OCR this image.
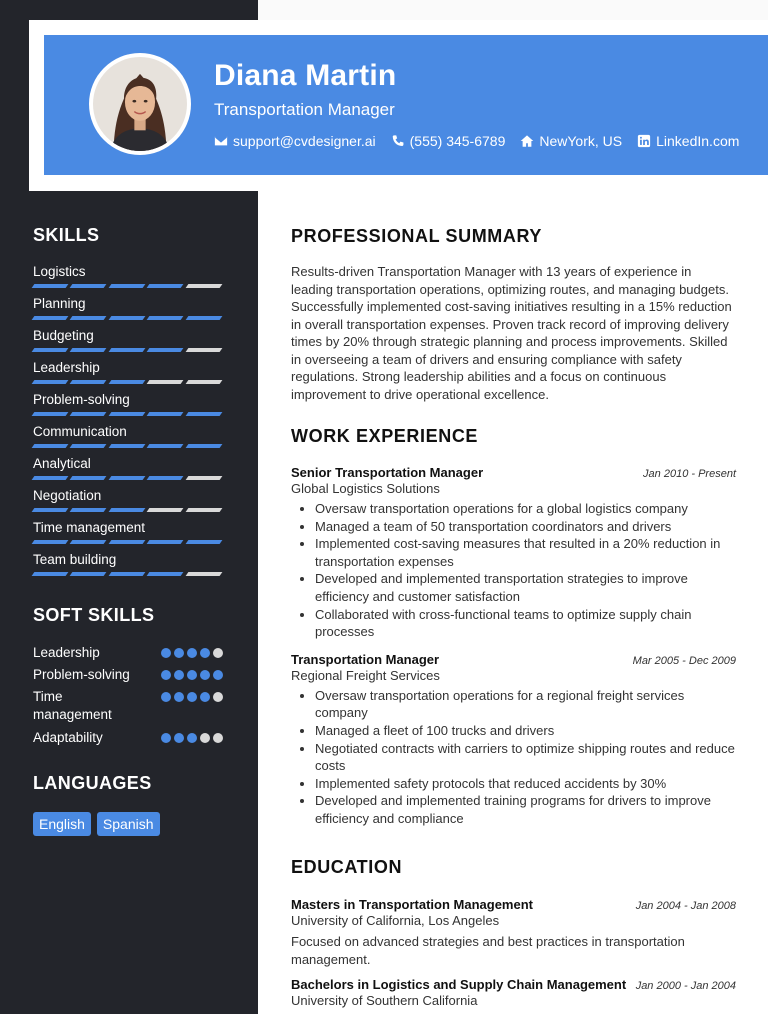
Diana Martin
Transportation Manager
support@cvdesigner.ai (555) 345-6789 NewYork, US LinkedIn.com
SKILLS
Logistics
Planning
Budgeting
Leadership
Problem-solving
Communication
Analytical
Negotiation
Time management
Team building
SOFT SKILLS
Leadership
Problem-solving
Time management
Adaptability
LANGUAGES
English	Spanish
PROFESSIONAL SUMMARY

Results-driven Transportation Manager with 13 years of experience in leading transportation operations, optimizing routes, and managing budgets. Successfully implemented cost-saving initiatives resulting in a 15% reduction in overall transportation expenses. Proven track record of improving delivery times by 20% through strategic planning and process improvements. Skilled in overseeing a team of drivers and ensuring compliance with safety regulations. Strong leadership abilities and a focus on continuous improvement to drive operational excellence.

WORK EXPERIENCE
Senior Transportation Manager	Jan 2010 - Present
Global Logistics Solutions
• Oversaw transportation operations for a global logistics company
• Managed a team of 50 transportation coordinators and drivers
• Implemented cost-saving measures that resulted in a 20% reduction in transportation expenses
• Developed and implemented transportation strategies to improve efficiency and customer satisfaction
• Collaborated with cross-functional teams to optimize supply chain processes
Transportation Manager	Mar 2005 - Dec 2009
Regional Freight Services
• Oversaw transportation operations for a regional freight services company
• Managed a fleet of 100 trucks and drivers
• Negotiated contracts with carriers to optimize shipping routes and reduce costs
• Implemented safety protocols that reduced accidents by 30%
• Developed and implemented training programs for drivers to improve efficiency and compliance
EDUCATION
Masters in Transportation Management	Jan 2004 - Jan 2008
University of California, Los Angeles

Focused on advanced strategies and best practices in transportation management.

Bachelors in Logistics and Supply Chain Management Jan 2000 - Jan 2004
University of Southern California
